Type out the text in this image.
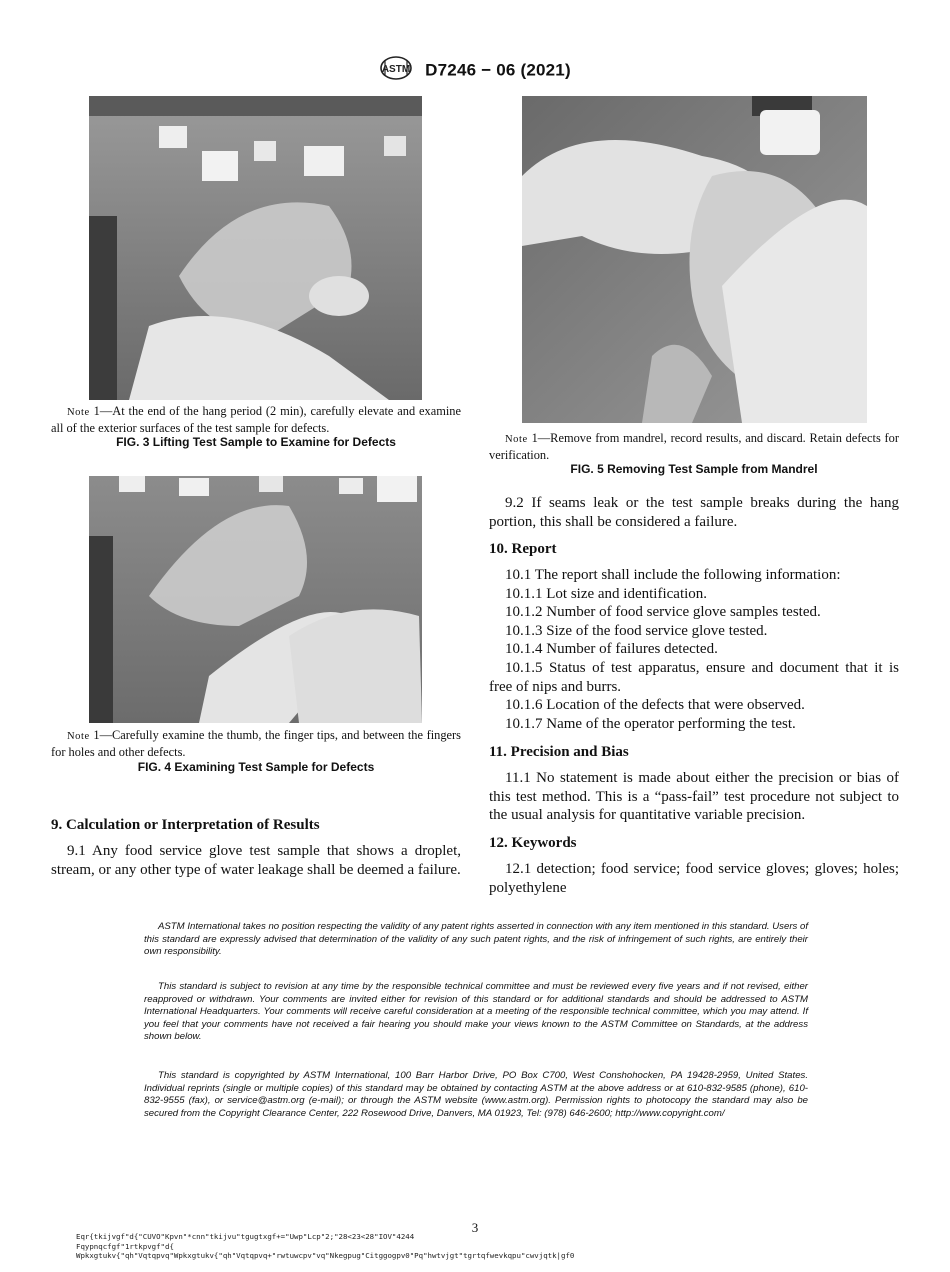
ASTM D7246 − 06 (2021)
Note 1—At the end of the hang period (2 min), carefully elevate and examine all of the exterior surfaces of the test sample for defects.
FIG. 3 Lifting Test Sample to Examine for Defects
Note 1—Carefully examine the thumb, the finger tips, and between the fingers for holes and other defects.
FIG. 4 Examining Test Sample for Defects
Note 1—Remove from mandrel, record results, and discard. Retain defects for verification.
FIG. 5 Removing Test Sample from Mandrel
9. Calculation or Interpretation of Results
9.1 Any food service glove test sample that shows a droplet, stream, or any other type of water leakage shall be deemed a failure.
9.2 If seams leak or the test sample breaks during the hang portion, this shall be considered a failure.
10. Report
10.1 The report shall include the following information:
10.1.1 Lot size and identification.
10.1.2 Number of food service glove samples tested.
10.1.3 Size of the food service glove tested.
10.1.4 Number of failures detected.
10.1.5 Status of test apparatus, ensure and document that it is free of nips and burrs.
10.1.6 Location of the defects that were observed.
10.1.7 Name of the operator performing the test.
11. Precision and Bias
11.1 No statement is made about either the precision or bias of this test method. This is a “pass-fail” test procedure not subject to the usual analysis for quantitative variable precision.
12. Keywords
12.1 detection; food service; food service gloves; gloves; holes; polyethylene
ASTM International takes no position respecting the validity of any patent rights asserted in connection with any item mentioned in this standard. Users of this standard are expressly advised that determination of the validity of any such patent rights, and the risk of infringement of such rights, are entirely their own responsibility.
This standard is subject to revision at any time by the responsible technical committee and must be reviewed every five years and if not revised, either reapproved or withdrawn. Your comments are invited either for revision of this standard or for additional standards and should be addressed to ASTM International Headquarters. Your comments will receive careful consideration at a meeting of the responsible technical committee, which you may attend. If you feel that your comments have not received a fair hearing you should make your views known to the ASTM Committee on Standards, at the address shown below.
This standard is copyrighted by ASTM International, 100 Barr Harbor Drive, PO Box C700, West Conshohocken, PA 19428-2959, United States. Individual reprints (single or multiple copies) of this standard may be obtained by contacting ASTM at the above address or at 610-832-9585 (phone), 610-832-9555 (fax), or service@astm.org (e-mail); or through the ASTM website (www.astm.org). Permission rights to photocopy the standard may also be secured from the Copyright Clearance Center, 222 Rosewood Drive, Danvers, MA 01923, Tel: (978) 646-2600; http://www.copyright.com/
3
Eqr{tkijvgf"d{"CUVO"Kpvn"*cnn"tkijvu"tgugtxgf+="Uwp"Lcp"2;"28<23<28"IOV"4244
Fqypnqcfgf"1rtkpvgf"d{
Wpkxgtukv{"qh"Vqtqpvq"Wpkxgtukv{"qh"Vqtqpvq+"rwtuwcpv"vq"Nkegpug"Citggogpv0"Pq"hwtvjgt"tgrtqfwevkqpu"cwvjqtk|gf0
